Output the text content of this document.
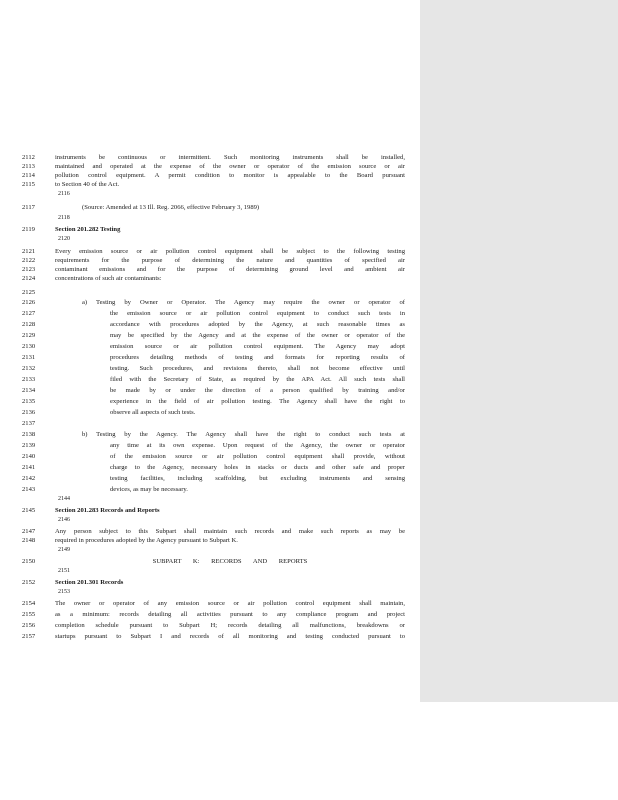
2112	instruments be continuous or intermittent. Such monitoring instruments shall be installed,
2113	maintained and operated at the expense of the owner or operator of the emission source or air
2114	pollution control equipment. A permit condition to monitor is appealable to the Board pursuant
2115	to Section 40 of the Act.
2116
2117	(Source: Amended at 13 Ill. Reg. 2066, effective February 3, 1989)
2118
2119	Section 201.282 Testing
2120
2121	Every emission source or air pollution control equipment shall be subject to the following testing
2122	requirements for the purpose of determining the nature and quantities of specified air
2123	contaminant emissions and for the purpose of determining ground level and ambient air
2124	concentrations of such air contaminants:
2125
2126	a) Testing by Owner or Operator. The Agency may require the owner or operator of
2127	the emission source or air pollution control equipment to conduct such tests in
2128	accordance with procedures adopted by the Agency, at such reasonable times as
2129	may be specified by the Agency and at the expense of the owner or operator of the
2130	emission source or air pollution control equipment. The Agency may adopt
2131	procedures detailing methods of testing and formats for reporting results of
2132	testing. Such procedures, and revisions thereto, shall not become effective until
2133	filed with the Secretary of State, as required by the APA Act. All such tests shall
2134	be made by or under the direction of a person qualified by training and/or
2135	experience in the field of air pollution testing. The Agency shall have the right to
2136	observe all aspects of such tests.
2137
2138	b) Testing by the Agency. The Agency shall have the right to conduct such tests at
2139	any time at its own expense. Upon request of the Agency, the owner or operator
2140	of the emission source or air pollution control equipment shall provide, without
2141	charge to the Agency, necessary holes in stacks or ducts and other safe and proper
2142	testing facilities, including scaffolding, but excluding instruments and sensing
2143	devices, as may be necessary.
2144
2145	Section 201.283 Records and Reports
2146
2147	Any person subject to this Subpart shall maintain such records and make such reports as may be
2148	required in procedures adopted by the Agency pursuant to Subpart K.
2149
2150	SUBPART K: RECORDS AND REPORTS
2151
2152	Section 201.301 Records
2153
2154	The owner or operator of any emission source or air pollution control equipment shall maintain,
2155	as a minimum: records detailing all activities pursuant to any compliance program and project
2156	completion schedule pursuant to Subpart H; records detailing all malfunctions, breakdowns or
2157	startups pursuant to Subpart I and records of all monitoring and testing conducted pursuant to
